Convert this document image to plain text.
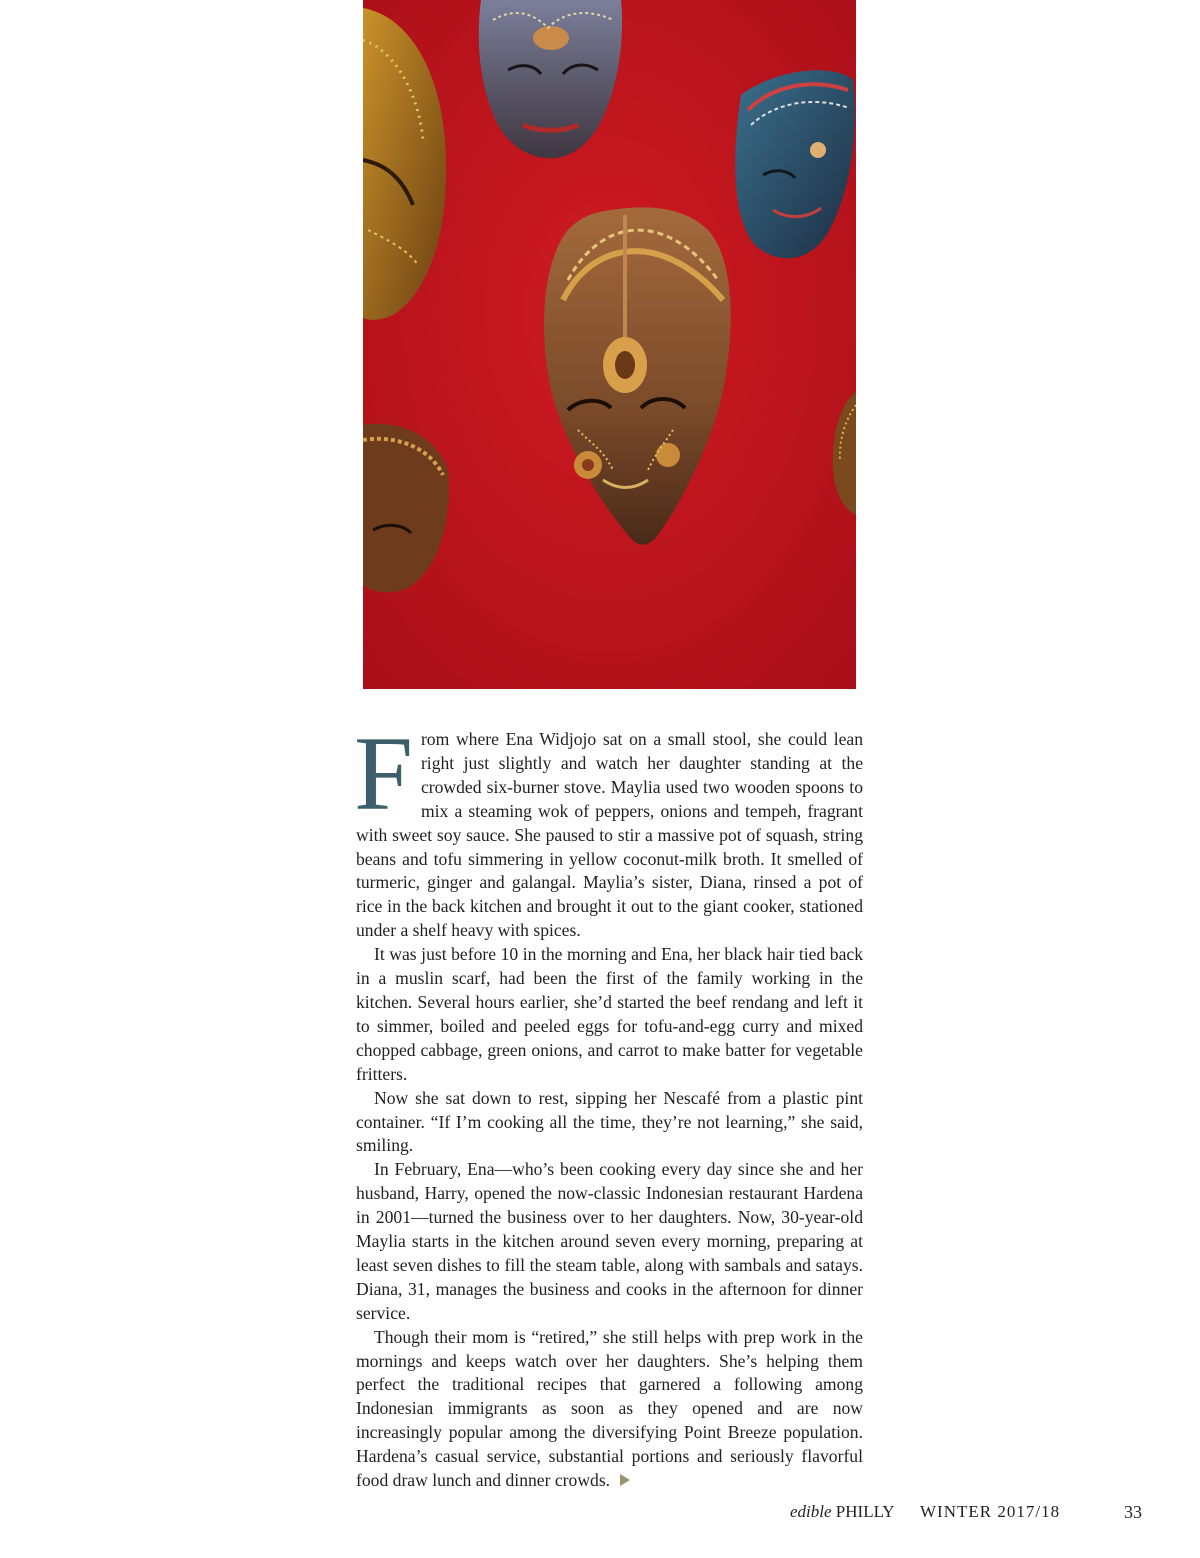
From where Ena Widjojo sat on a small stool, she could lean right just slightly and watch her daughter standing at the crowded six-burner stove. Maylia used two wooden spoons to mix a steaming wok of peppers, onions and tempeh, fragrant with sweet soy sauce. She paused to stir a massive pot of squash, string beans and tofu simmering in yellow coconut-milk broth. It smelled of turmeric, ginger and galangal. Maylia’s sister, Diana, rinsed a pot of rice in the back kitchen and brought it out to the giant cooker, stationed under a shelf heavy with spices.

It was just before 10 in the morning and Ena, her black hair tied back in a muslin scarf, had been the first of the family working in the kitchen. Several hours earlier, she’d started the beef rendang and left it to simmer, boiled and peeled eggs for tofu-and-egg curry and mixed chopped cabbage, green onions, and carrot to make batter for vegetable fritters.

Now she sat down to rest, sipping her Nescafé from a plastic pint container. “If I’m cooking all the time, they’re not learning,” she said, smiling.

In February, Ena—who’s been cooking every day since she and her husband, Harry, opened the now-classic Indonesian restaurant Hardena in 2001—turned the business over to her daughters. Now, 30-year-old Maylia starts in the kitchen around seven every morning, preparing at least seven dishes to fill the steam table, along with sambals and satays. Diana, 31, manages the business and cooks in the afternoon for dinner service.

Though their mom is “retired,” she still helps with prep work in the mornings and keeps watch over her daughters. She’s helping them perfect the traditional recipes that garnered a following among Indonesian immigrants as soon as they opened and are now increasingly popular among the diversifying Point Breeze population. Hardena’s casual service, substantial portions and seriously flavorful food draw lunch and dinner crowds.

edible PHILLY WINTER 2017/18	33
